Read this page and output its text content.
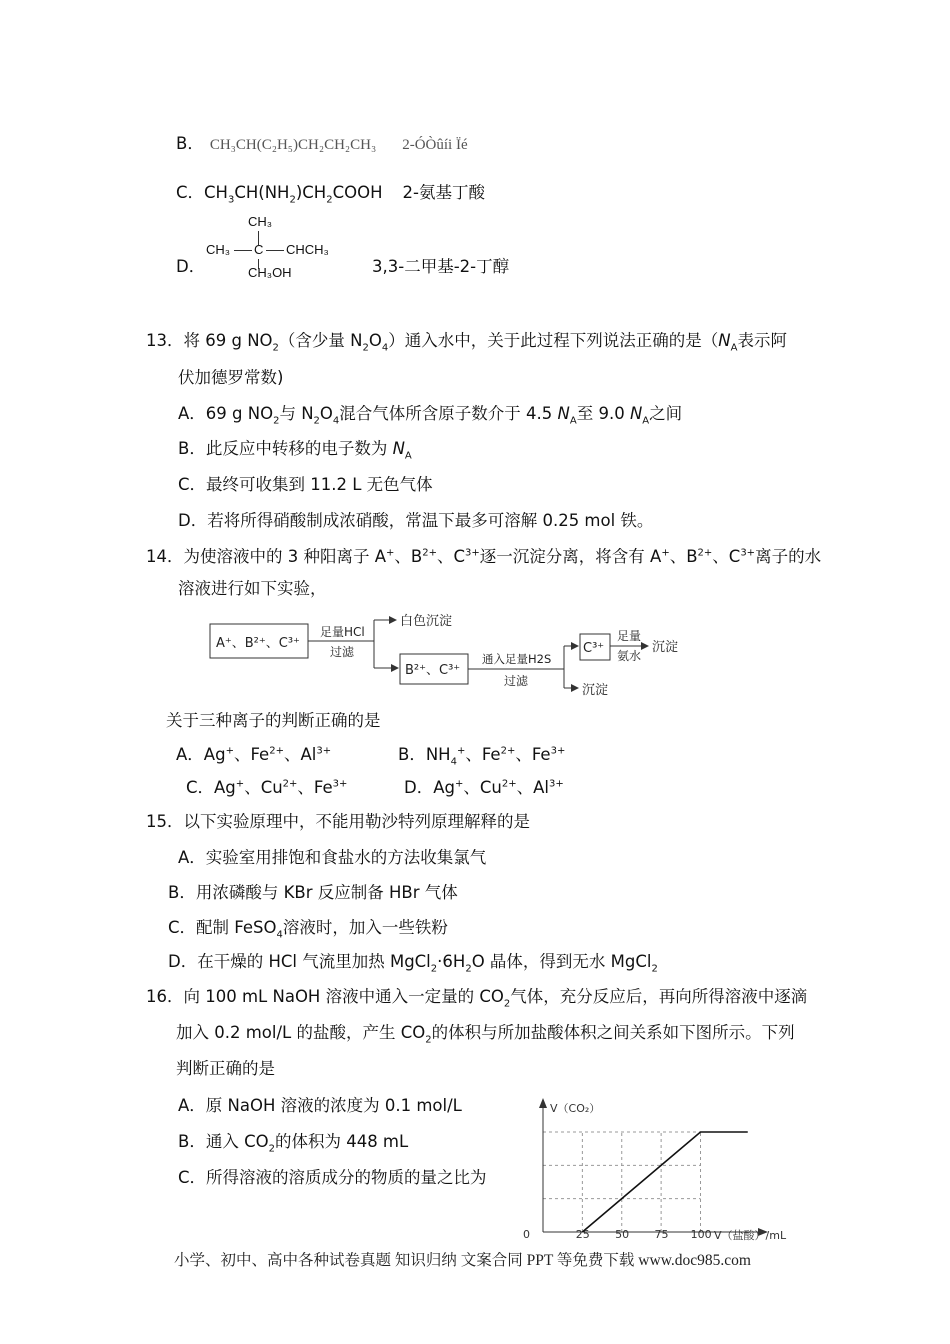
B． CH₃CH(C₂H₅)CH₂CH₂CH₃ 2-ÓÒûíi Ïé
C．$CH_3CH(NH_2)CH_2COOH$ 2-氨基丁酸
D．
CH₃
CH₃ C CHCH₃
CH₃OH	3,3-二甲基-2-丁醇
13．将 69 g $NO_2$（含少量 $N_2O_4$）通入水中，关于此过程下列说法正确的是（$N_A$表示阿
伏加德罗常数)
A．69 g $NO_2$与 $N_2O_4$混合气体所含原子数介于 4.5 $N_A$至 9.0 $N_A$之间
B．此反应中转移的电子数为 $N_A$
C．最终可收集到 11.2 L 无色气体
D．若将所得硝酸制成浓硝酸，常温下最多可溶解 0.25 mol 铁。
14．为使溶液中的 3 种阳离子 A+、$B^{2+}$、$C^{3+}$逐一沉淀分离，将含有 A+、$B^{2+}$、$C^{3+}$离子的水
溶液进行如下实验，
A⁺、B²⁺、C³⁺
足量HCl
过滤
白色沉淀
B²⁺、C³⁺
通入足量H2S
过滤
C³⁺
足量
氨水
沉淀
沉淀
关于三种离子的判断正确的是
A．Ag+、$Fe^{2+}$、$Al^{3+}$	B．$NH_4^+$、$Fe^{2+}$、$Fe^{3+}$
C．Ag+、$Cu^{2+}$、$Fe^{3+}$	D．Ag+、$Cu^{2+}$、$Al^{3+}$
15．以下实验原理中，不能用勒沙特列原理解释的是
A．实验室用排饱和食盐水的方法收集氯气
B．用浓磷酸与 KBr 反应制备 HBr 气体
C．配制 FeSO$_4$溶液时，加入一些铁粉
D．在干燥的 HCl 气流里加热 $MgCl_2\cdot 6H_2O$ 晶体，得到无水 MgCl$_2$
16．向 100 mL NaOH 溶液中通入一定量的 $CO_2$气体，充分反应后，再向所得溶液中逐滴
加入 0.2 mol/L 的盐酸，产生 $CO_2$的体积与所加盐酸体积之间关系如下图所示。下列
判断正确的是
A．原 NaOH 溶液的浓度为 0.1 mol/L
B．通入 $CO_2$的体积为 448 mL
C．所得溶液的溶质成分的物质的量之比为
V（CO₂）
0	25 50 75 100 V（盐酸）/mL
小学、初中、高中各种试卷真题 知识归纳 文案合同 PPT 等免费下载 www.doc985.com
